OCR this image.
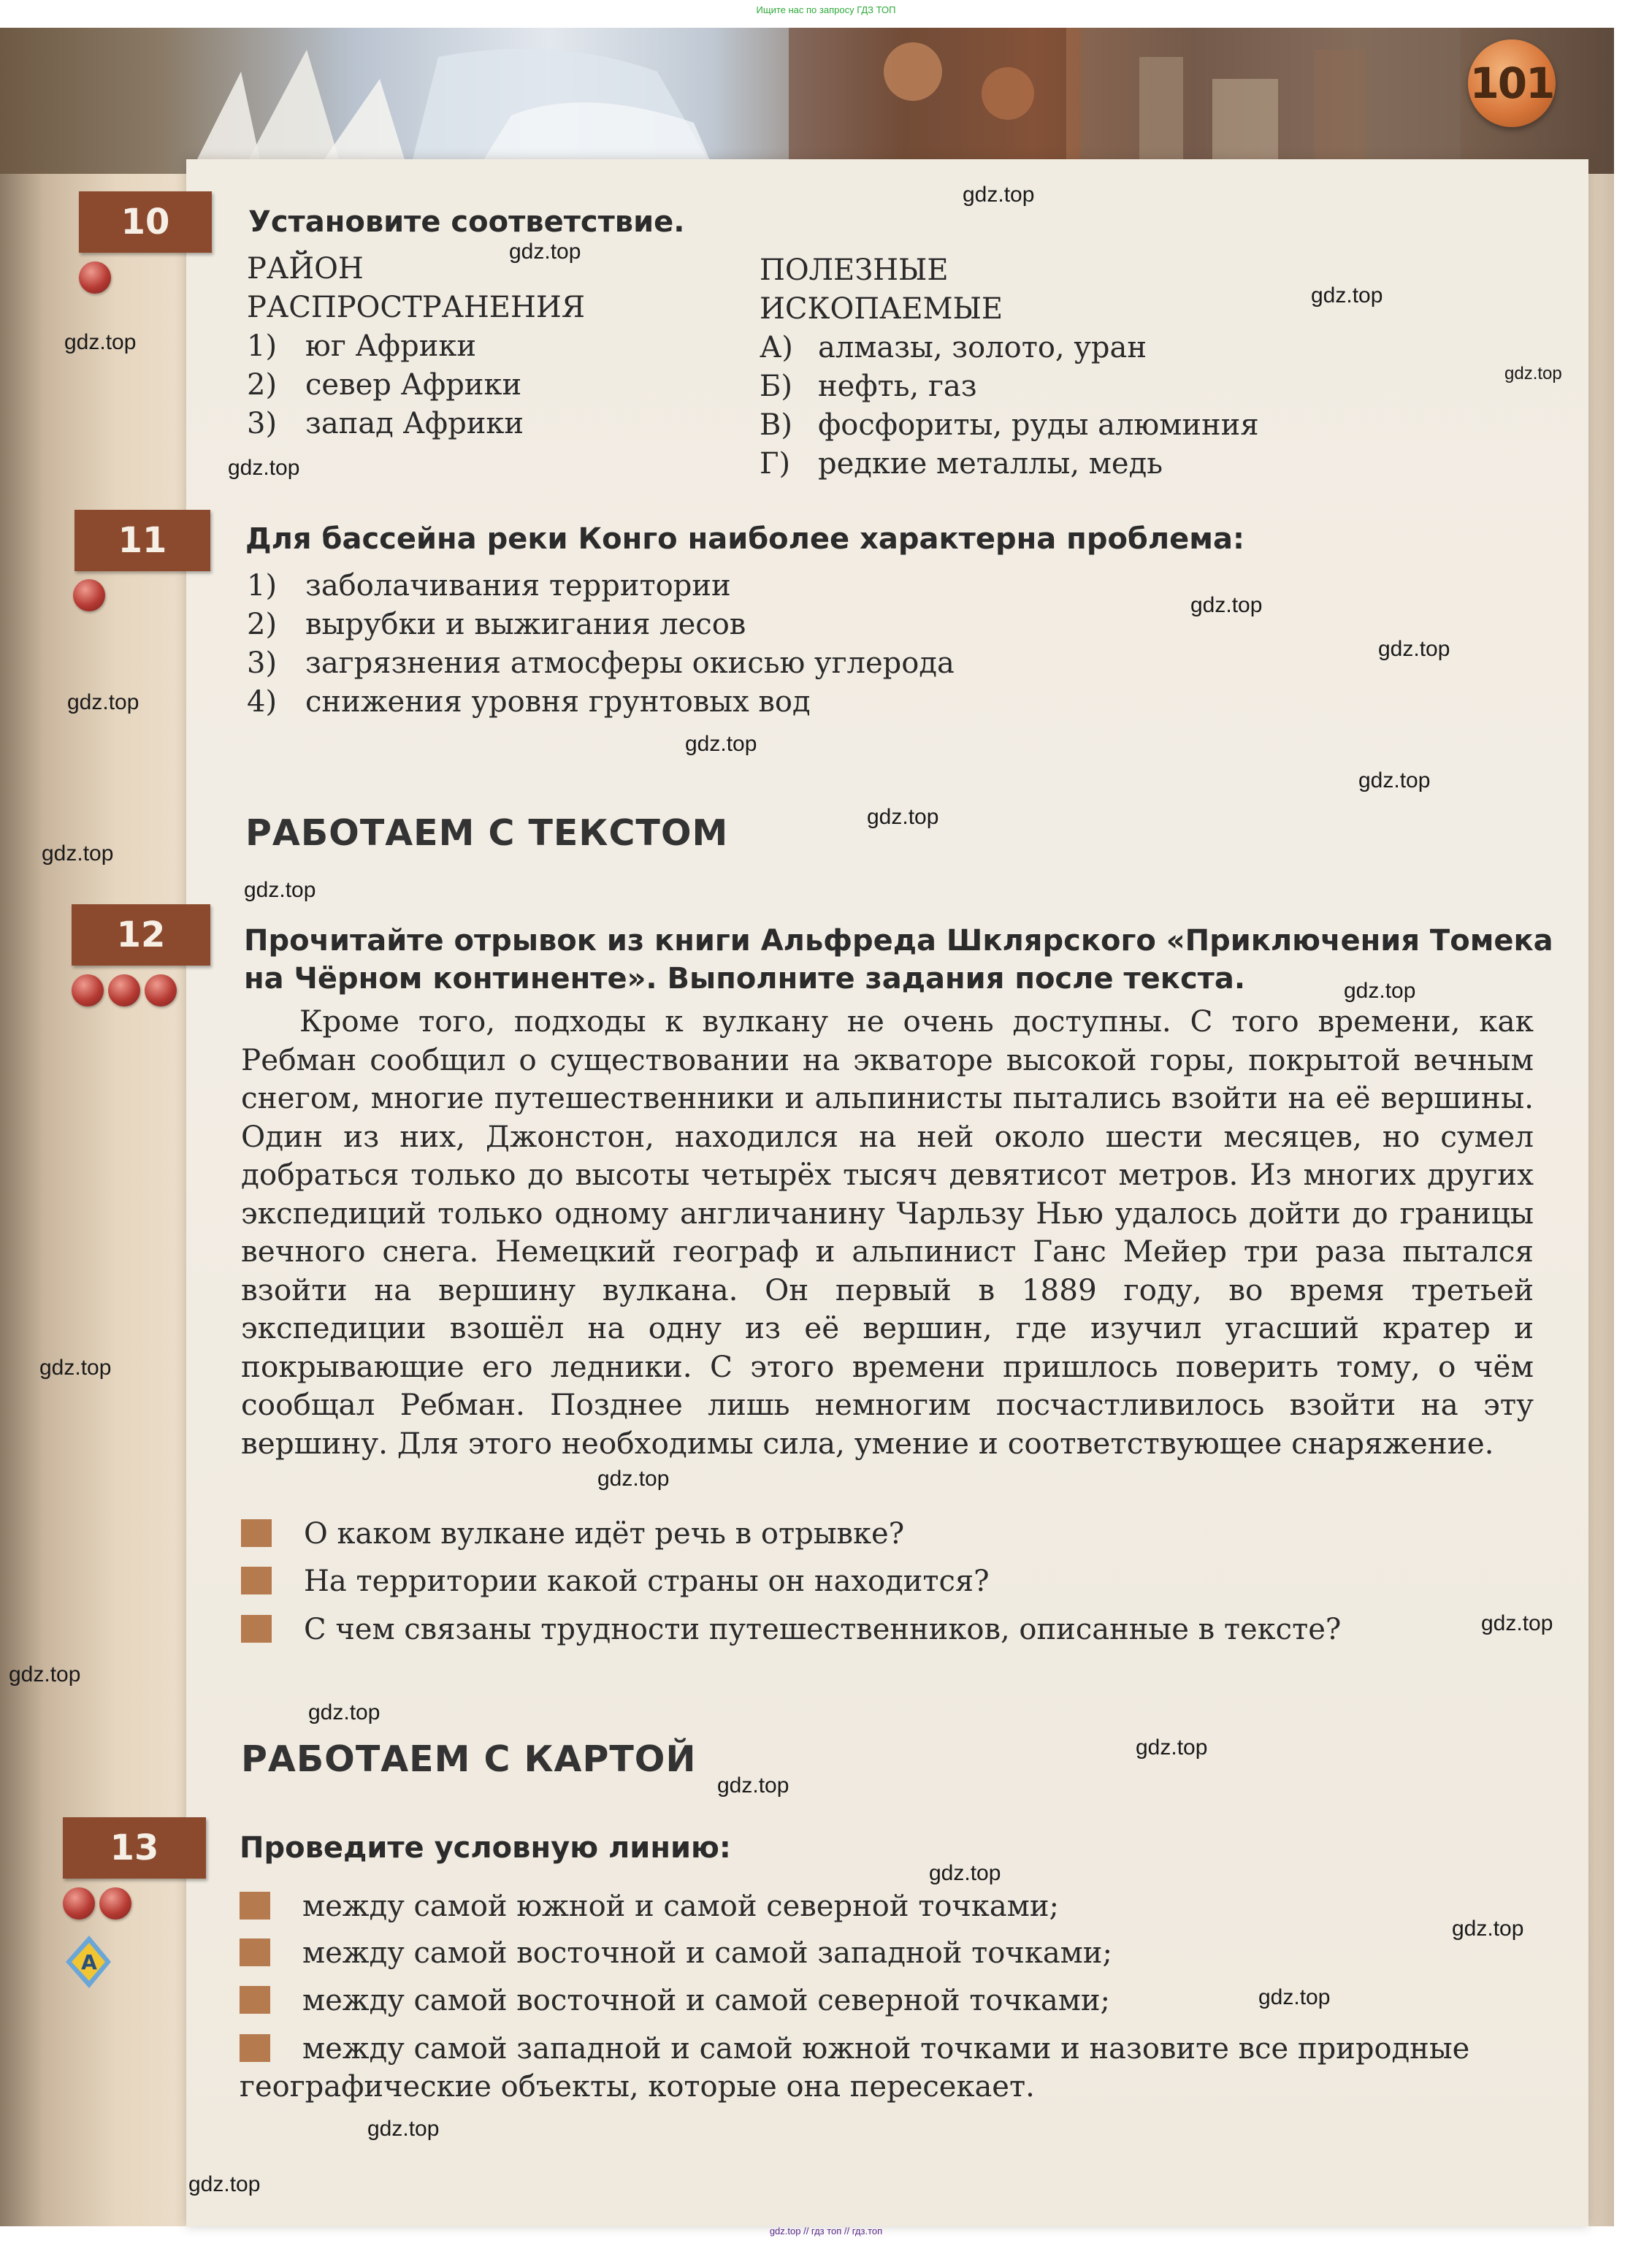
Ищите нас по запросу ГДЗ ТОП
101
10	Установите соответствие.
РАЙОН
РАСПРОСТРАНЕНИЯ
1) юг Африки
2) север Африки
3) запад Африки
ПОЛЕЗНЫЕ
ИСКОПАЕМЫЕ
А) алмазы, золото, уран
Б) нефть, газ
В) фосфориты, руды алюминия
Г) редкие металлы, медь
11	Для бассейна реки Конго наиболее характерна проблема:
1) заболачивания территории
2) вырубки и выжигания лесов
3) загрязнения атмосферы окисью углерода
4) снижения уровня грунтовых вод
РАБОТАЕМ С ТЕКСТОМ
12	Прочитайте отрывок из книги Альфреда Шклярского «Приключения Томека
на Чёрном континенте». Выполните задания после текста.

Кроме того, подходы к вулкану не очень доступны. С того времени, как Ребман сообщил о существовании на экваторе высокой горы, покрытой вечным снегом, многие путешественники и альпинисты пытались взойти на её вершины. Один из них, Джонстон, находился на ней около шести месяцев, но сумел добраться только до высоты четырёх тысяч девятисот метров. Из многих других экспедиций только одному англичанину Чарльзу Нью удалось дойти до границы вечного снега. Немецкий географ и альпинист Ганс Мейер три раза пытался взойти на вершину вулкана. Он первый в 1889 году, во время третьей экспедиции взошёл на одну из её вершин, где изучил угасший кратер и покрывающие его ледники. С этого времени пришлось поверить тому, о чём сообщал Ребман. Позднее лишь немногим посчастливилось взойти на эту вершину. Для этого необходимы сила, умение и соответствующее снаряжение.

О каком вулкане идёт речь в отрывке?
На территории какой страны он находится?
С чем связаны трудности путешественников, описанные в тексте?
РАБОТАЕМ С КАРТОЙ
13
A
Проведите условную линию:
между самой южной и самой северной точками;
между самой восточной и самой западной точками;
между самой восточной и самой северной точками;
между самой западной и самой южной точками и назовите все природные
географические объекты, которые она пересекает.
gdz.top
gdz.top
gdz.top
gdz.top
gdz.top
gdz.top
gdz.top
gdz.top
gdz.top
gdz.top
gdz.top
gdz.top
gdz.top
gdz.top
gdz.top
gdz.top
gdz.top
gdz.top
gdz.top
gdz.top
gdz.top
gdz.top
gdz.top
gdz.top
gdz.top
gdz.top
gdz.top
gdz.top // гдз топ // гдз.топ
